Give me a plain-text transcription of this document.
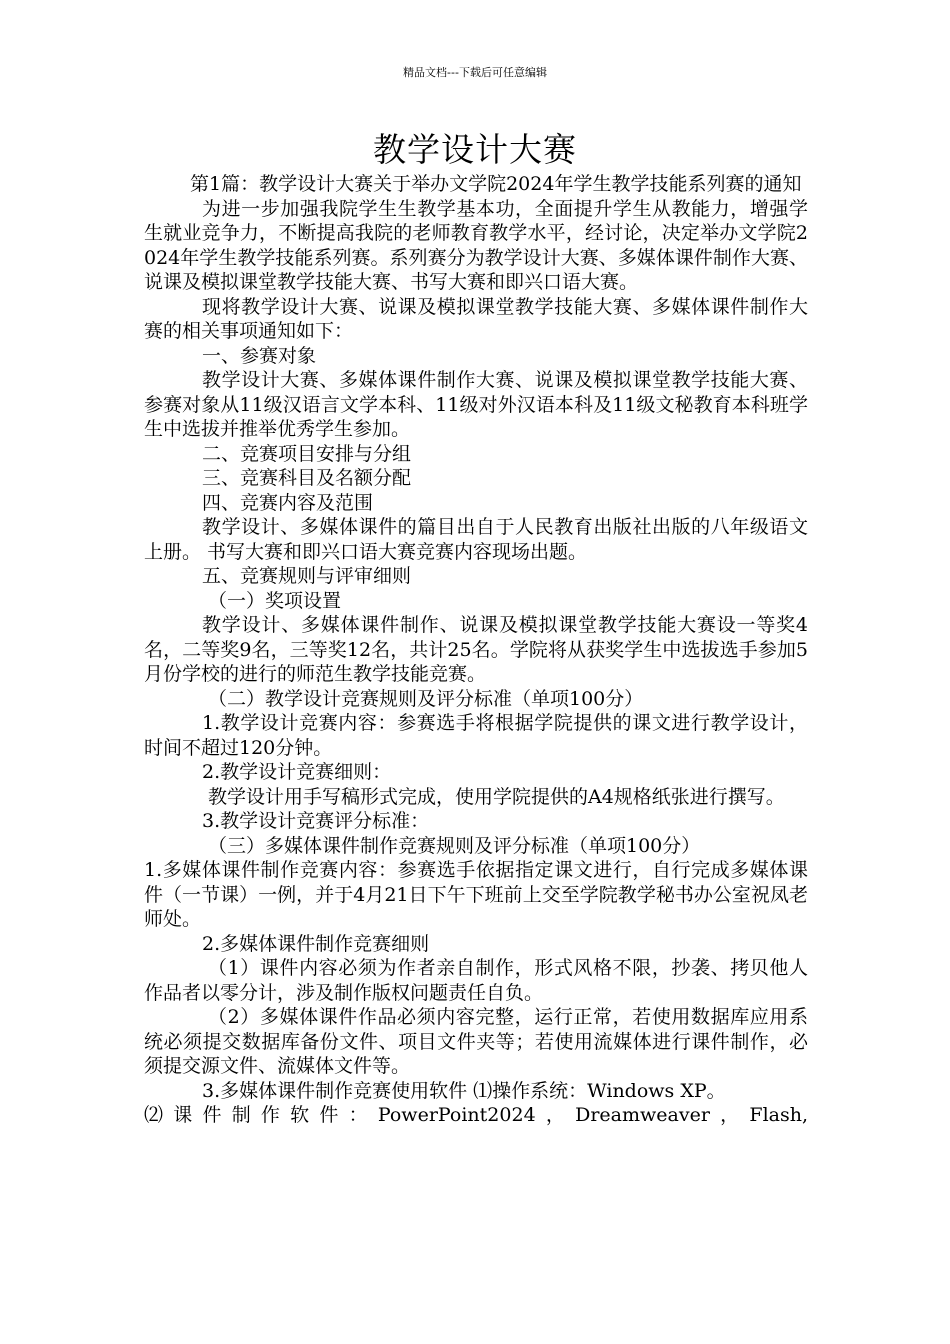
精品文档---下载后可任意编辑
教学设计大赛

第1篇：教学设计大赛关于举办文学院2024年学生教学技能系列赛的通知

为进一步加强我院学生生教学基本功，全面提升学生从教能力，增强学生就业竞争力，不断提高我院的老师教育教学水平，经讨论，决定举办文学院2024年学生教学技能系列赛。系列赛分为教学设计大赛、多媒体课件制作大赛、说课及模拟课堂教学技能大赛、书写大赛和即兴口语大赛。

现将教学设计大赛、说课及模拟课堂教学技能大赛、多媒体课件制作大赛的相关事项通知如下：

一、参赛对象

教学设计大赛、多媒体课件制作大赛、说课及模拟课堂教学技能大赛、参赛对象从11级汉语言文学本科、11级对外汉语本科及11级文秘教育本科班学生中选拔并推举优秀学生参加。

二、竞赛项目安排与分组

三、竞赛科目及名额分配

四、竞赛内容及范围

教学设计、多媒体课件的篇目出自于人民教育出版社出版的八年级语文上册。 书写大赛和即兴口语大赛竞赛内容现场出题。

五、竞赛规则与评审细则

（一）奖项设置

教学设计、多媒体课件制作、说课及模拟课堂教学技能大赛设一等奖4名，二等奖9名，三等奖12名，共计25名。学院将从获奖学生中选拔选手参加5月份学校的进行的师范生教学技能竞赛。

（二）教学设计竞赛规则及评分标准（单项100分）

1.教学设计竞赛内容：参赛选手将根据学院提供的课文进行教学设计，时间不超过120分钟。

2.教学设计竞赛细则：

教学设计用手写稿形式完成，使用学院提供的A4规格纸张进行撰写。

3.教学设计竞赛评分标准：

（三）多媒体课件制作竞赛规则及评分标准（单项100分）

1.多媒体课件制作竞赛内容：参赛选手依据指定课文进行，自行完成多媒体课件（一节课）一例，并于4月21日下午下班前上交至学院教学秘书办公室祝凤老师处。

2.多媒体课件制作竞赛细则

（1）课件内容必须为作者亲自制作，形式风格不限，抄袭、拷贝他人作品者以零分计，涉及制作版权问题责任自负。

（2）多媒体课件作品必须内容完整，运行正常，若使用数据库应用系统必须提交数据库备份文件、项目文件夹等；若使用流媒体进行课件制作，必须提交源文件、流媒体文件等。

3.多媒体课件制作竞赛使用软件 ⑴操作系统：Windows XP。

⑵课件制作软件：PowerPoint2024，Dreamweaver，Flash,
